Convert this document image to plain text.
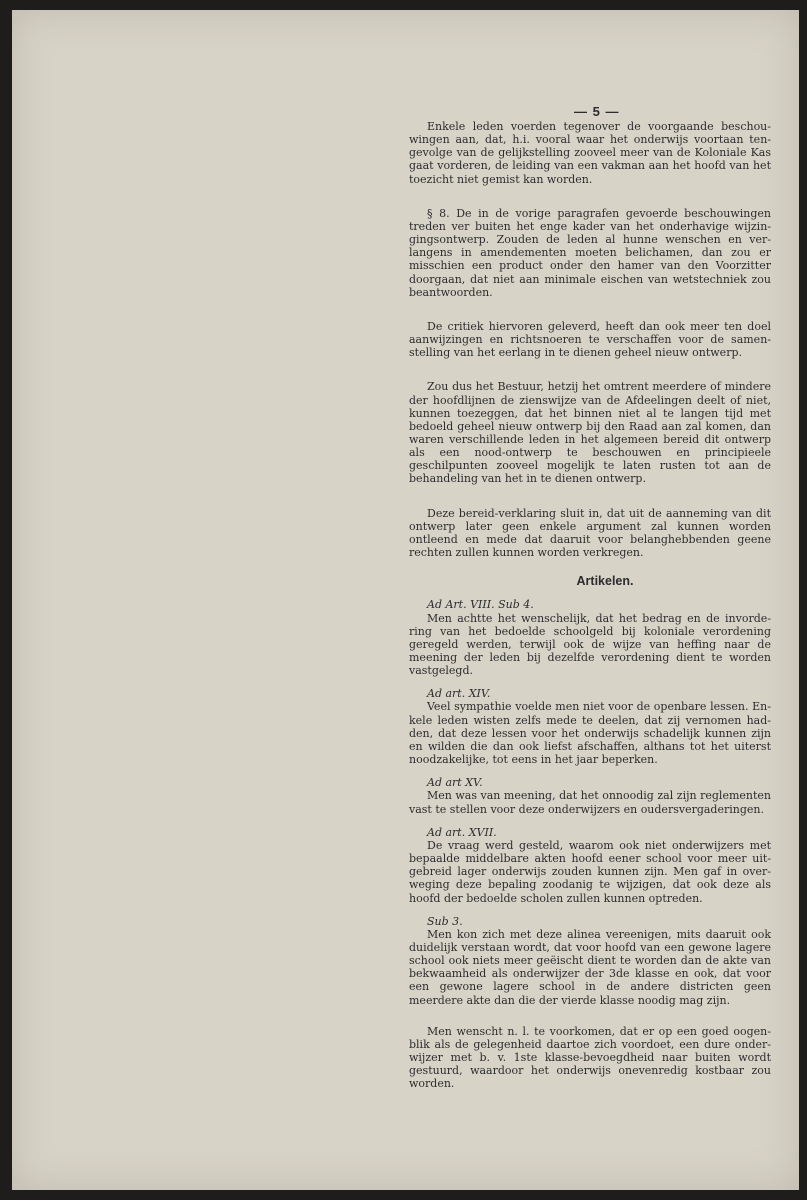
— 5 —

Enkele leden voerden tegenover de voorgaande beschouwingen aan, dat, h.i. vooral waar het onderwijs voortaan tengevolge van de gelijkstelling zooveel meer van de Koloniale Kas gaat vorderen, de leiding van een vakman aan het hoofd van het toezicht niet gemist kan worden.

§ 8. De in de vorige paragrafen gevoerde beschouwingen treden ver buiten het enge kader van het onderhavige wijzingingsontwerp. Zouden de leden al hunne wenschen en verlangens in amendementen moeten belichamen, dan zou er misschien een product onder den hamer van den Voorzitter doorgaan, dat niet aan minimale eischen van wetstechniek zou beantwoorden.

De critiek hiervoren geleverd, heeft dan ook meer ten doel aanwijzingen en richtsnoeren te verschaffen voor de samenstelling van het eerlang in te dienen geheel nieuw ontwerp.

Zou dus het Bestuur, hetzij het omtrent meerdere of mindere der hoofdlijnen de zienswijze van de Afdeelingen deelt of niet, kunnen toezeggen, dat het binnen niet al te langen tijd met bedoeld geheel nieuw ontwerp bij den Raad aan zal komen, dan waren verschillende leden in het algemeen bereid dit ontwerp als een nood-ontwerp te beschouwen en principieele geschilpunten zooveel mogelijk te laten rusten tot aan de behandeling van het in te dienen ontwerp.

Deze bereid-verklaring sluit in, dat uit de aanneming van dit ontwerp later geen enkele argument zal kunnen worden ontleend en mede dat daaruit voor belanghebbenden geene rechten zullen kunnen worden verkregen.

Artikelen.

Ad Art. VIII. Sub 4.

Men achtte het wenschelijk, dat het bedrag en de invordering van het bedoelde schoolgeld bij koloniale verordening geregeld werden, terwijl ook de wijze van heffing naar de meening der leden bij dezelfde verordening dient te worden vastgelegd.

Ad art. XIV.

Veel sympathie voelde men niet voor de openbare lessen. Enkele leden wisten zelfs mede te deelen, dat zij vernomen hadden, dat deze lessen voor het onderwijs schadelijk kunnen zijn en wilden die dan ook liefst afschaffen, althans tot het uiterst noodzakelijke, tot eens in het jaar beperken.

Ad art XV.

Men was van meening, dat het onnoodig zal zijn reglementen vast te stellen voor deze onderwijzers en oudersvergaderingen.

Ad art. XVII.

De vraag werd gesteld, waarom ook niet onderwijzers met bepaalde middelbare akten hoofd eener school voor meer uitgebreid lager onderwijs zouden kunnen zijn. Men gaf in overweging deze bepaling zoodanig te wijzigen, dat ook deze als hoofd der bedoelde scholen zullen kunnen optreden.

Sub 3.

Men kon zich met deze alinea vereenigen, mits daaruit ook duidelijk verstaan wordt, dat voor hoofd van een gewone lagere school ook niets meer geëischt dient te worden dan de akte van bekwaamheid als onderwijzer der 3de klasse en ook, dat voor een gewone lagere school in de andere districten geen meerdere akte dan die der vierde klasse noodig mag zijn.

Men wenscht n. l. te voorkomen, dat er op een goed oogenblik als de gelegenheid daartoe zich voordoet, een dure onderwijzer met b. v. 1ste klasse-bevoegdheid naar buiten wordt gestuurd, waardoor het onderwijs onevenredig kostbaar zou worden.
